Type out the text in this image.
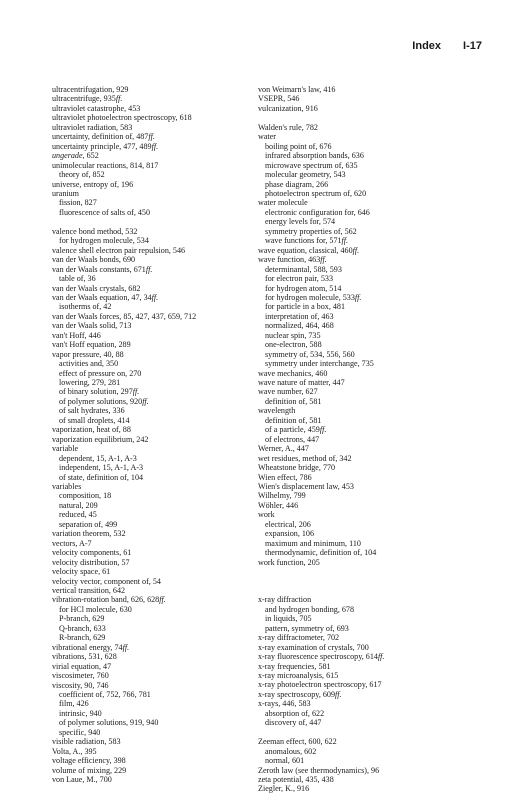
Index I-17
ultracentrifugation, 929
ultracentrifuge, 935ff.
ultraviolet catastrophe, 453
ultraviolet photoelectron spectroscopy, 618
ultraviolet radiation, 583
uncertainty, definition of, 487ff.
uncertainty principle, 477, 489ff.
ungerade, 652
unimolecular reactions, 814, 817
theory of, 852
universe, entropy of, 196
uranium
fission, 827
fluorescence of salts of, 450
valence bond method, 532
for hydrogen molecule, 534
valence shell electron pair repulsion, 546
van der Waals bonds, 690
van der Waals constants, 671ff.
table of, 36
van der Waals crystals, 682
van der Waals equation, 47, 34ff.
isotherms of, 42
van der Waals forces, 85, 427, 437, 659, 712
van der Waals solid, 713
van't Hoff, 446
van't Hoff equation, 289
vapor pressure, 40, 88
activities and, 350
effect of pressure on, 270
lowering, 279, 281
of binary solution, 297ff.
of polymer solutions, 920ff.
of salt hydrates, 336
of small droplets, 414
vaporization, heat of, 88
vaporization equilibrium, 242
variable
dependent, 15, A-1, A-3
independent, 15, A-1, A-3
of state, definition of, 104
variables
composition, 18
natural, 209
reduced, 45
separation of, 499
variation theorem, 532
vectors, A-7
velocity components, 61
velocity distribution, 57
velocity space, 61
velocity vector, component of, 54
vertical transition, 642
vibration-rotation band, 626, 628ff.
for HCl molecule, 630
P-branch, 629
Q-branch, 633
R-branch, 629
vibrational energy, 74ff.
vibrations, 531, 628
virial equation, 47
viscosimeter, 760
viscosity, 90, 746
coefficient of, 752, 766, 781
film, 426
intrinsic, 940
of polymer solutions, 919, 940
specific, 940
visible radiation, 583
Volta, A., 395
voltage efficiency, 398
volume of mixing, 229
von Laue, M., 700
von Weimarn's law, 416
VSEPR, 546
vulcanization, 916
Walden's rule, 782
water
boiling point of, 676
infrared absorption bands, 636
microwave spectrum of, 635
molecular geometry, 543
phase diagram, 266
photoelectron spectrum of, 620
water molecule
electronic configuration for, 646
energy levels for, 574
symmetry properties of, 562
wave functions for, 571ff.
wave equation, classical, 460ff.
wave function, 463ff.
determinantal, 588, 593
for electron pair, 533
for hydrogen atom, 514
for hydrogen molecule, 533ff.
for particle in a box, 481
interpretation of, 463
normalized, 464, 468
nuclear spin, 735
one-electron, 588
symmetry of, 534, 556, 560
symmetry under interchange, 735
wave mechanics, 460
wave nature of matter, 447
wave number, 627
definition of, 581
wavelength
definition of, 581
of a particle, 459ff.
of electrons, 447
Werner, A., 447
wet residues, method of, 342
Wheatstone bridge, 770
Wien effect, 786
Wien's displacement law, 453
Wilhelmy, 799
Wöhler, 446
work
electrical, 206
expansion, 106
maximum and minimum, 110
thermodynamic, definition of, 104
work function, 205
x-ray diffraction
and hydrogen bonding, 678
in liquids, 705
pattern, symmetry of, 693
x-ray diffractometer, 702
x-ray examination of crystals, 700
x-ray fluorescence spectroscopy, 614ff.
x-ray frequencies, 581
x-ray microanalysis, 615
x-ray photoelectron spectroscopy, 617
x-ray spectroscopy, 609ff.
x-rays, 446, 583
absorption of, 622
discovery of, 447
Zeeman effect, 600, 622
anomalous, 602
normal, 601
Zeroth law (see thermodynamics), 96
zeta potential, 435, 438
Ziegler, K., 916
